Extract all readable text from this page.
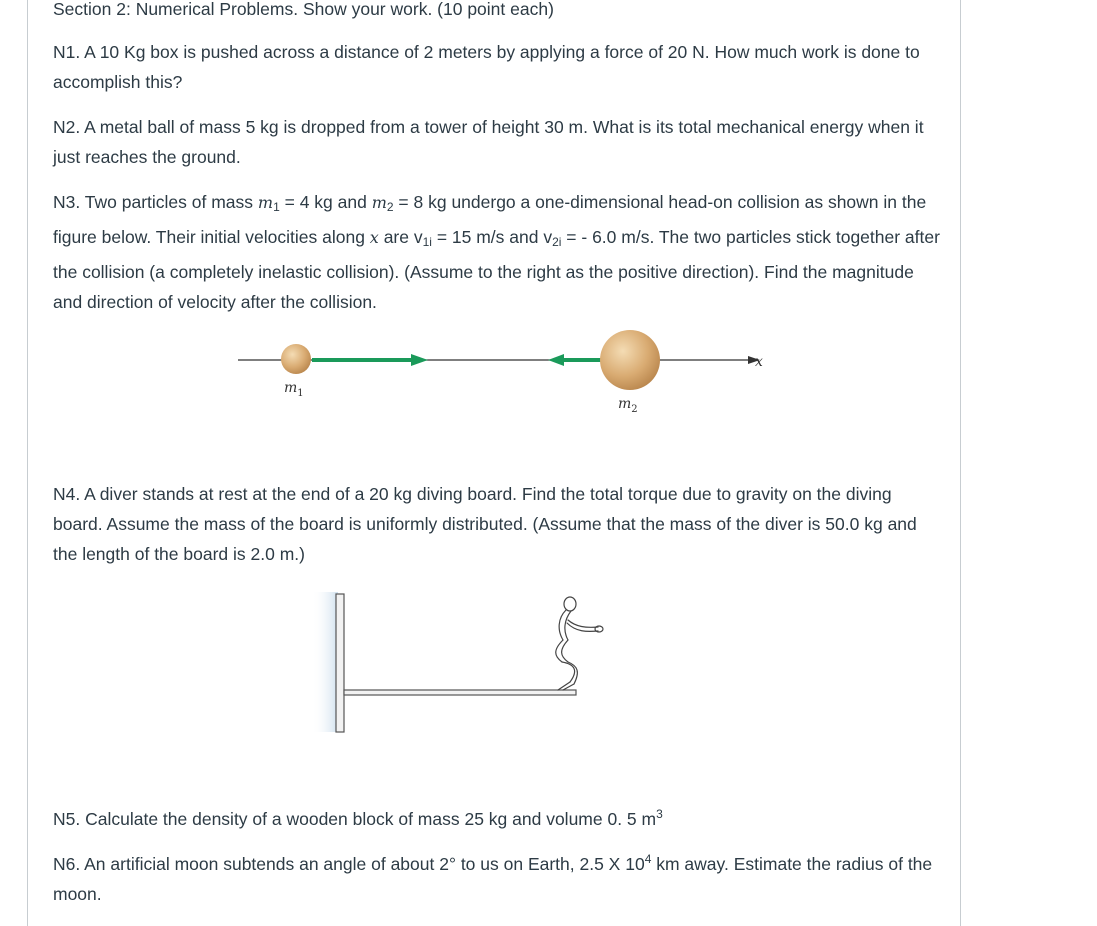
Section 2: Numerical Problems. Show your work. (10 point each)

N1. A 10 Kg box is pushed across a distance of 2 meters by applying a force of 20 N. How much work is done to accomplish this?

N2. A metal ball of mass 5 kg is dropped from a tower of height 30 m. What is its total mechanical energy when it just reaches the ground.

N3. Two particles of mass $m_1 = 4$ kg and $m_2 = 8$ kg undergo a one-dimensional head-on collision as shown in the figure below. Their initial velocities along x are $v_{1i} = 15$ m/s and $v_{2i}$ = - 6.0 m/s. The two particles stick together after the collision (a completely inelastic collision). (Assume to the right as the positive direction). Find the magnitude and direction of velocity after the collision.

x
$m_1$
$m_2$

N4. A diver stands at rest at the end of a 20 kg diving board. Find the total torque due to gravity on the diving board. Assume the mass of the board is uniformly distributed. (Assume that the mass of the diver is 50.0 kg and the length of the board is 2.0 m.)

N5. Calculate the density of a wooden block of mass 25 kg and volume 0. 5 $m^3$

N6. An artificial moon subtends an angle of about 2° to us on Earth, 2.5 X $10^4$ km away. Estimate the radius of the moon.
